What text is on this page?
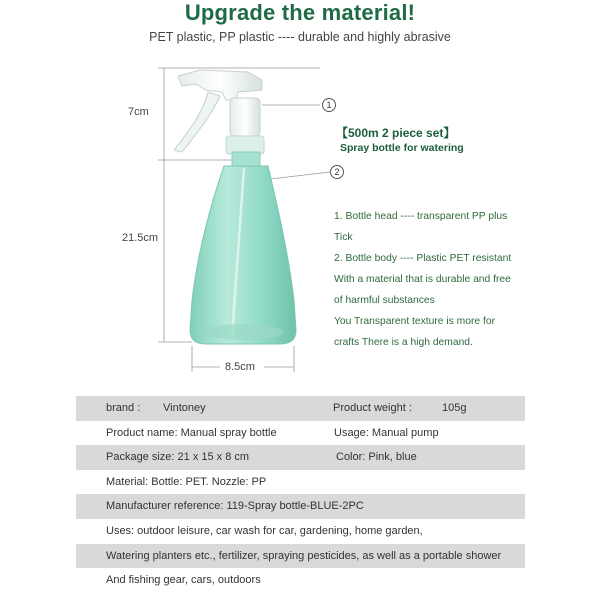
Upgrade the material!
PET plastic, PP plastic ---- durable and highly abrasive
7cm
21.5cm
8.5cm
1
2
【500m 2 piece set】
Spray bottle for watering
1. Bottle head ---- transparent PP plus
Tick
2. Bottle body ---- Plastic PET resistant
With a material that is durable and free
of harmful substances
You Transparent texture is more for
crafts There is a high demand.
brand : Vintoney	Product weight :	105g
Product name: Manual spray bottle	Usage: Manual pump
Package size: 21 x 15 x 8 cm	Color: Pink, blue
Material: Bottle: PET. Nozzle: PP
Manufacturer reference: 119-Spray bottle-BLUE-2PC
Uses: outdoor leisure, car wash for car, gardening, home garden,
Watering planters etc., fertilizer, spraying pesticides, as well as a portable shower
And fishing gear, cars, outdoors
